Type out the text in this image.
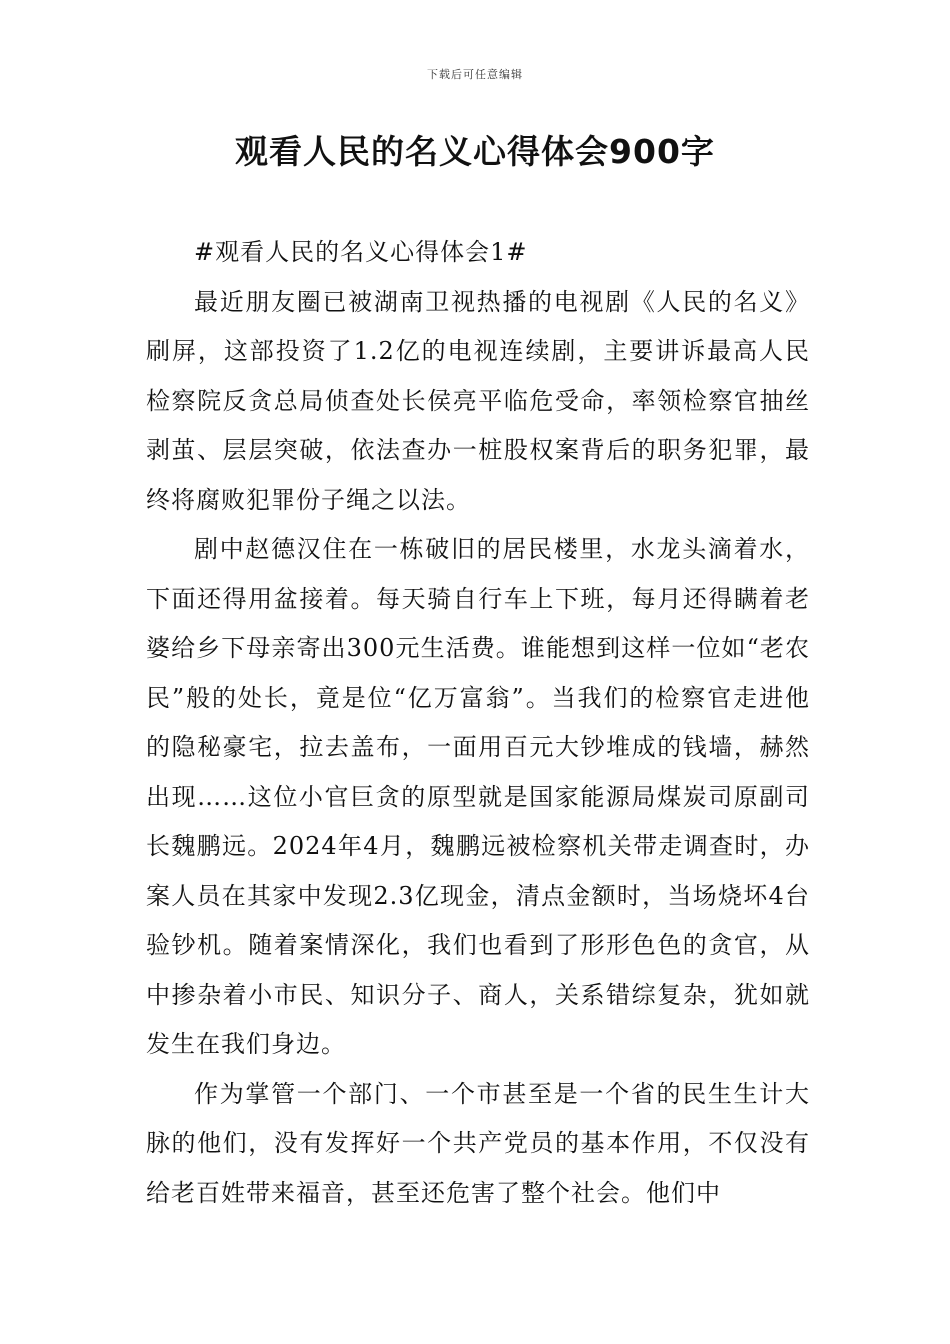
下载后可任意编辑
观看人民的名义心得体会900字

#观看人民的名义心得体会1#

最近朋友圈已被湖南卫视热播的电视剧《人民的名义》刷屏，这部投资了1.2亿的电视连续剧，主要讲诉最高人民检察院反贪总局侦查处长侯亮平临危受命，率领检察官抽丝剥茧、层层突破，依法查办一桩股权案背后的职务犯罪，最终将腐败犯罪份子绳之以法。

剧中赵德汉住在一栋破旧的居民楼里，水龙头滴着水，下面还得用盆接着。每天骑自行车上下班，每月还得瞒着老婆给乡下母亲寄出300元生活费。谁能想到这样一位如“老农民”般的处长，竟是位“亿万富翁”。当我们的检察官走进他的隐秘豪宅，拉去盖布，一面用百元大钞堆成的钱墙，赫然出现……这位小官巨贪的原型就是国家能源局煤炭司原副司长魏鹏远。2024年4月，魏鹏远被检察机关带走调查时，办案人员在其家中发现2.3亿现金，清点金额时，当场烧坏4台验钞机。随着案情深化，我们也看到了形形色色的贪官，从中掺杂着小市民、知识分子、商人，关系错综复杂，犹如就发生在我们身边。

作为掌管一个部门、一个市甚至是一个省的民生生计大脉的他们，没有发挥好一个共产党员的基本作用，不仅没有给老百姓带来福音，甚至还危害了整个社会。他们中
